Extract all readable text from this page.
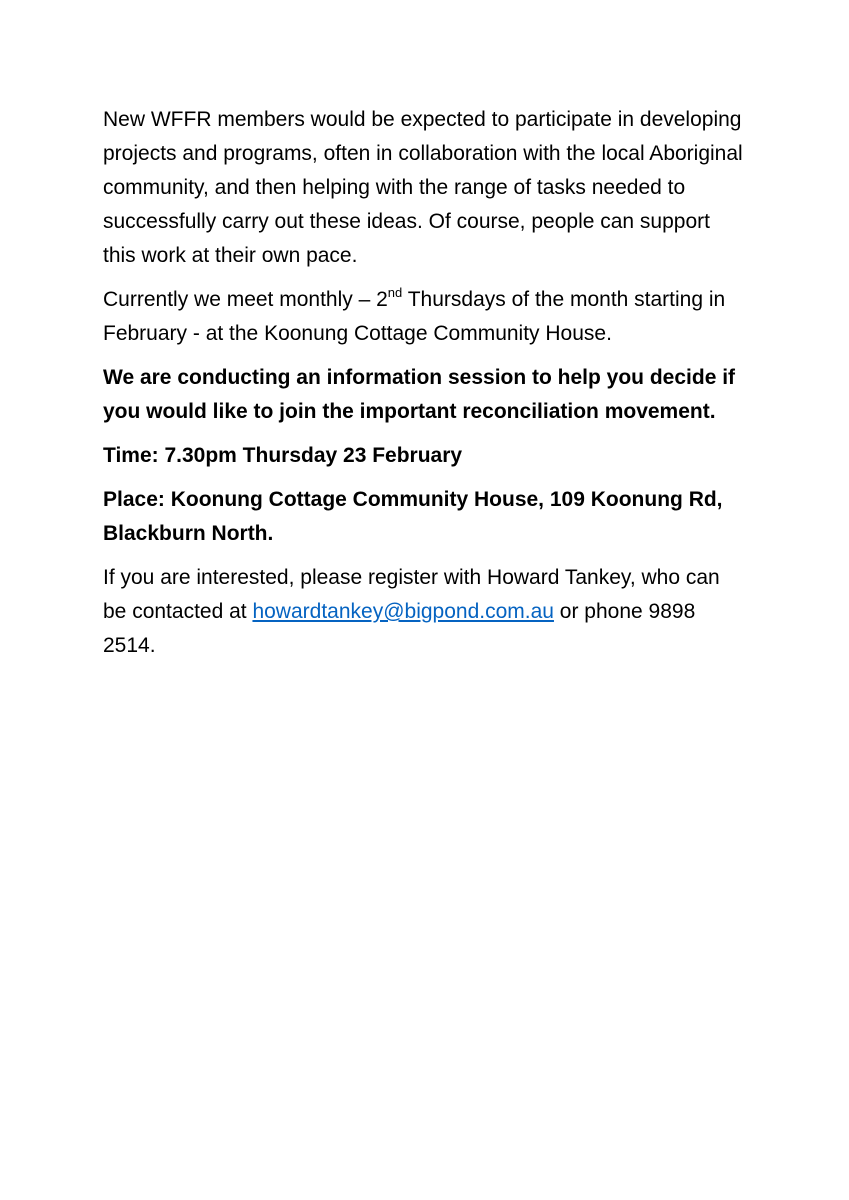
New WFFR members would be expected to participate in developing projects and programs, often in collaboration with the local Aboriginal community, and then helping with the range of tasks needed to successfully carry out these ideas. Of course, people can support this work at their own pace.

Currently we meet monthly – 2nd Thursdays of the month starting in February - at the Koonung Cottage Community House.

We are conducting an information session to help you decide if you would like to join the important reconciliation movement.

Time: 7.30pm Thursday 23 February

Place: Koonung Cottage Community House, 109 Koonung Rd, Blackburn North.

If you are interested, please register with Howard Tankey, who can be contacted at howardtankey@bigpond.com.au or phone 9898 2514.
